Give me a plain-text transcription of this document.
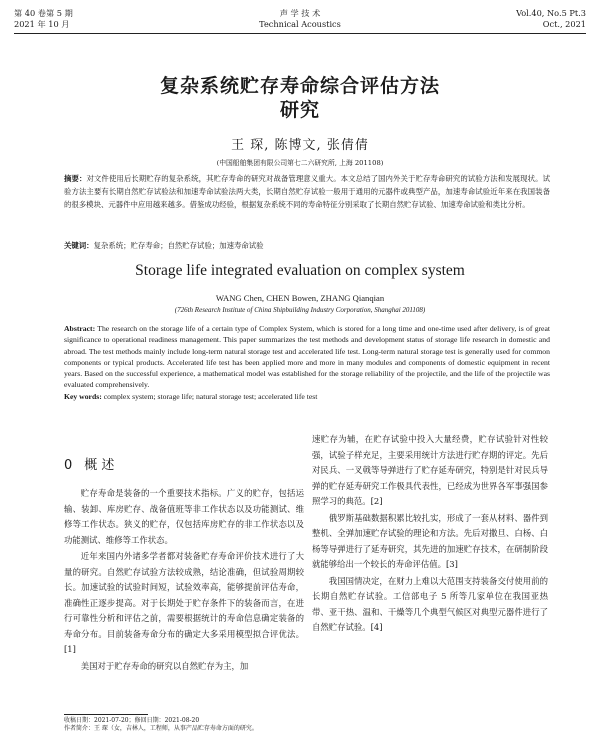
第 40 卷第 5 期
2021 年 10 月
声 学 技 术
Technical Acoustics
Vol.40, No.5 Pt.3
Oct., 2021
复杂系统贮存寿命综合评估方法
研究
王 琛, 陈博文, 张倩倩
(中国船舶集团有限公司第七二六研究所, 上海 201108)
摘要：对文件使用后长期贮存的复杂系统，其贮存寿命的研究对战备管理意义重大。本文总结了国内外关于贮存寿命研究的试验方法和发展现状。试验方法主要有长期自然贮存试验法和加速寿命试验法两大类，长期自然贮存试验一般用于通用的元器件或典型产品，加速寿命试验近年来在我国装备的很多模块、元器件中应用越来越多。借鉴成功经验，根据复杂系统不同的寿命特征分别采取了长期自然贮存试验、加速寿命试验和类比分析。
关键词：复杂系统；贮存寿命；自然贮存试验；加速寿命试验
Storage life integrated evaluation on complex system
WANG Chen, CHEN Bowen, ZHANG Qianqian
(726th Research Institute of China Shipbuilding Industry Corporation, Shanghai 201108)
Abstract: The research on the storage life of a certain type of Complex System, which is stored for a long time and one-time used after delivery, is of great significance to operational readiness management. This paper summarizes the test methods and development status of storage life research in domestic and abroad. The test methods mainly include long-term natural storage test and accelerated life test. Long-term natural storage test is generally used for common components or typical products. Accelerated life test has been applied more and more in many modules and components of domestic equipment in recent years. Based on the successful experience, a mathematical model was established for the storage reliability of the projectile, and the life of the projectile was evaluated comprehensively.
Key words: complex system; storage life; natural storage test; accelerated life test
0 概 述

贮存寿命是装备的一个重要技术指标。广义的贮存，包括运输、装卸、库房贮存、战备值班等非工作状态以及功能测试、维修等工作状态。狭义的贮存，仅包括库房贮存的非工作状态以及功能测试、维修等工作状态。

近年来国内外诸多学者都对装备贮存寿命评价技术进行了大量的研究。自然贮存试验方法较成熟，结论准确，但试验周期较长。加速试验的试验时间短，试验效率高，能够提前评估寿命，准确性正逐步提高。对于长期处于贮存条件下的装备而言，在进行可靠性分析和评估之前，需要根据统计的寿命信息确定装备的寿命分布。目前装备寿命分布的确定大多采用模型拟合评优法。[1]

美国对于贮存寿命的研究以自然贮存为主，加

速贮存为辅，在贮存试验中投入大量经费，贮存试验针对性较强，试验子样充足，主要采用统计方法进行贮存期的评定。先后对民兵、一叉戟等导弹进行了贮存延寿研究，特别是针对民兵导弹的贮存延寿研究工作极具代表性，已经成为世界各军事强国参照学习的典范。[2]

俄罗斯基础数据积累比较扎实，形成了一套从材料、器件到整机、全弹加速贮存试验的理论和方法。先后对撒旦、白杨、白杨等导弹进行了延寿研究，其先进的加速贮存技术，在研制阶段就能够给出一个较长的寿命评估值。[3]

我国国情决定，在财力上难以大范围支持装备交付使用前的长期自然贮存试验。工信部电子 5 所等几家单位在我国亚热带、亚干热、温和、干燥等几个典型气候区对典型元器件进行了自然贮存试验。[4]

收稿日期：2021-07-20；修回日期：2021-08-20
作者简介：王 琛（女，吉林人，工程师，从事产品贮存寿命方面的研究。
